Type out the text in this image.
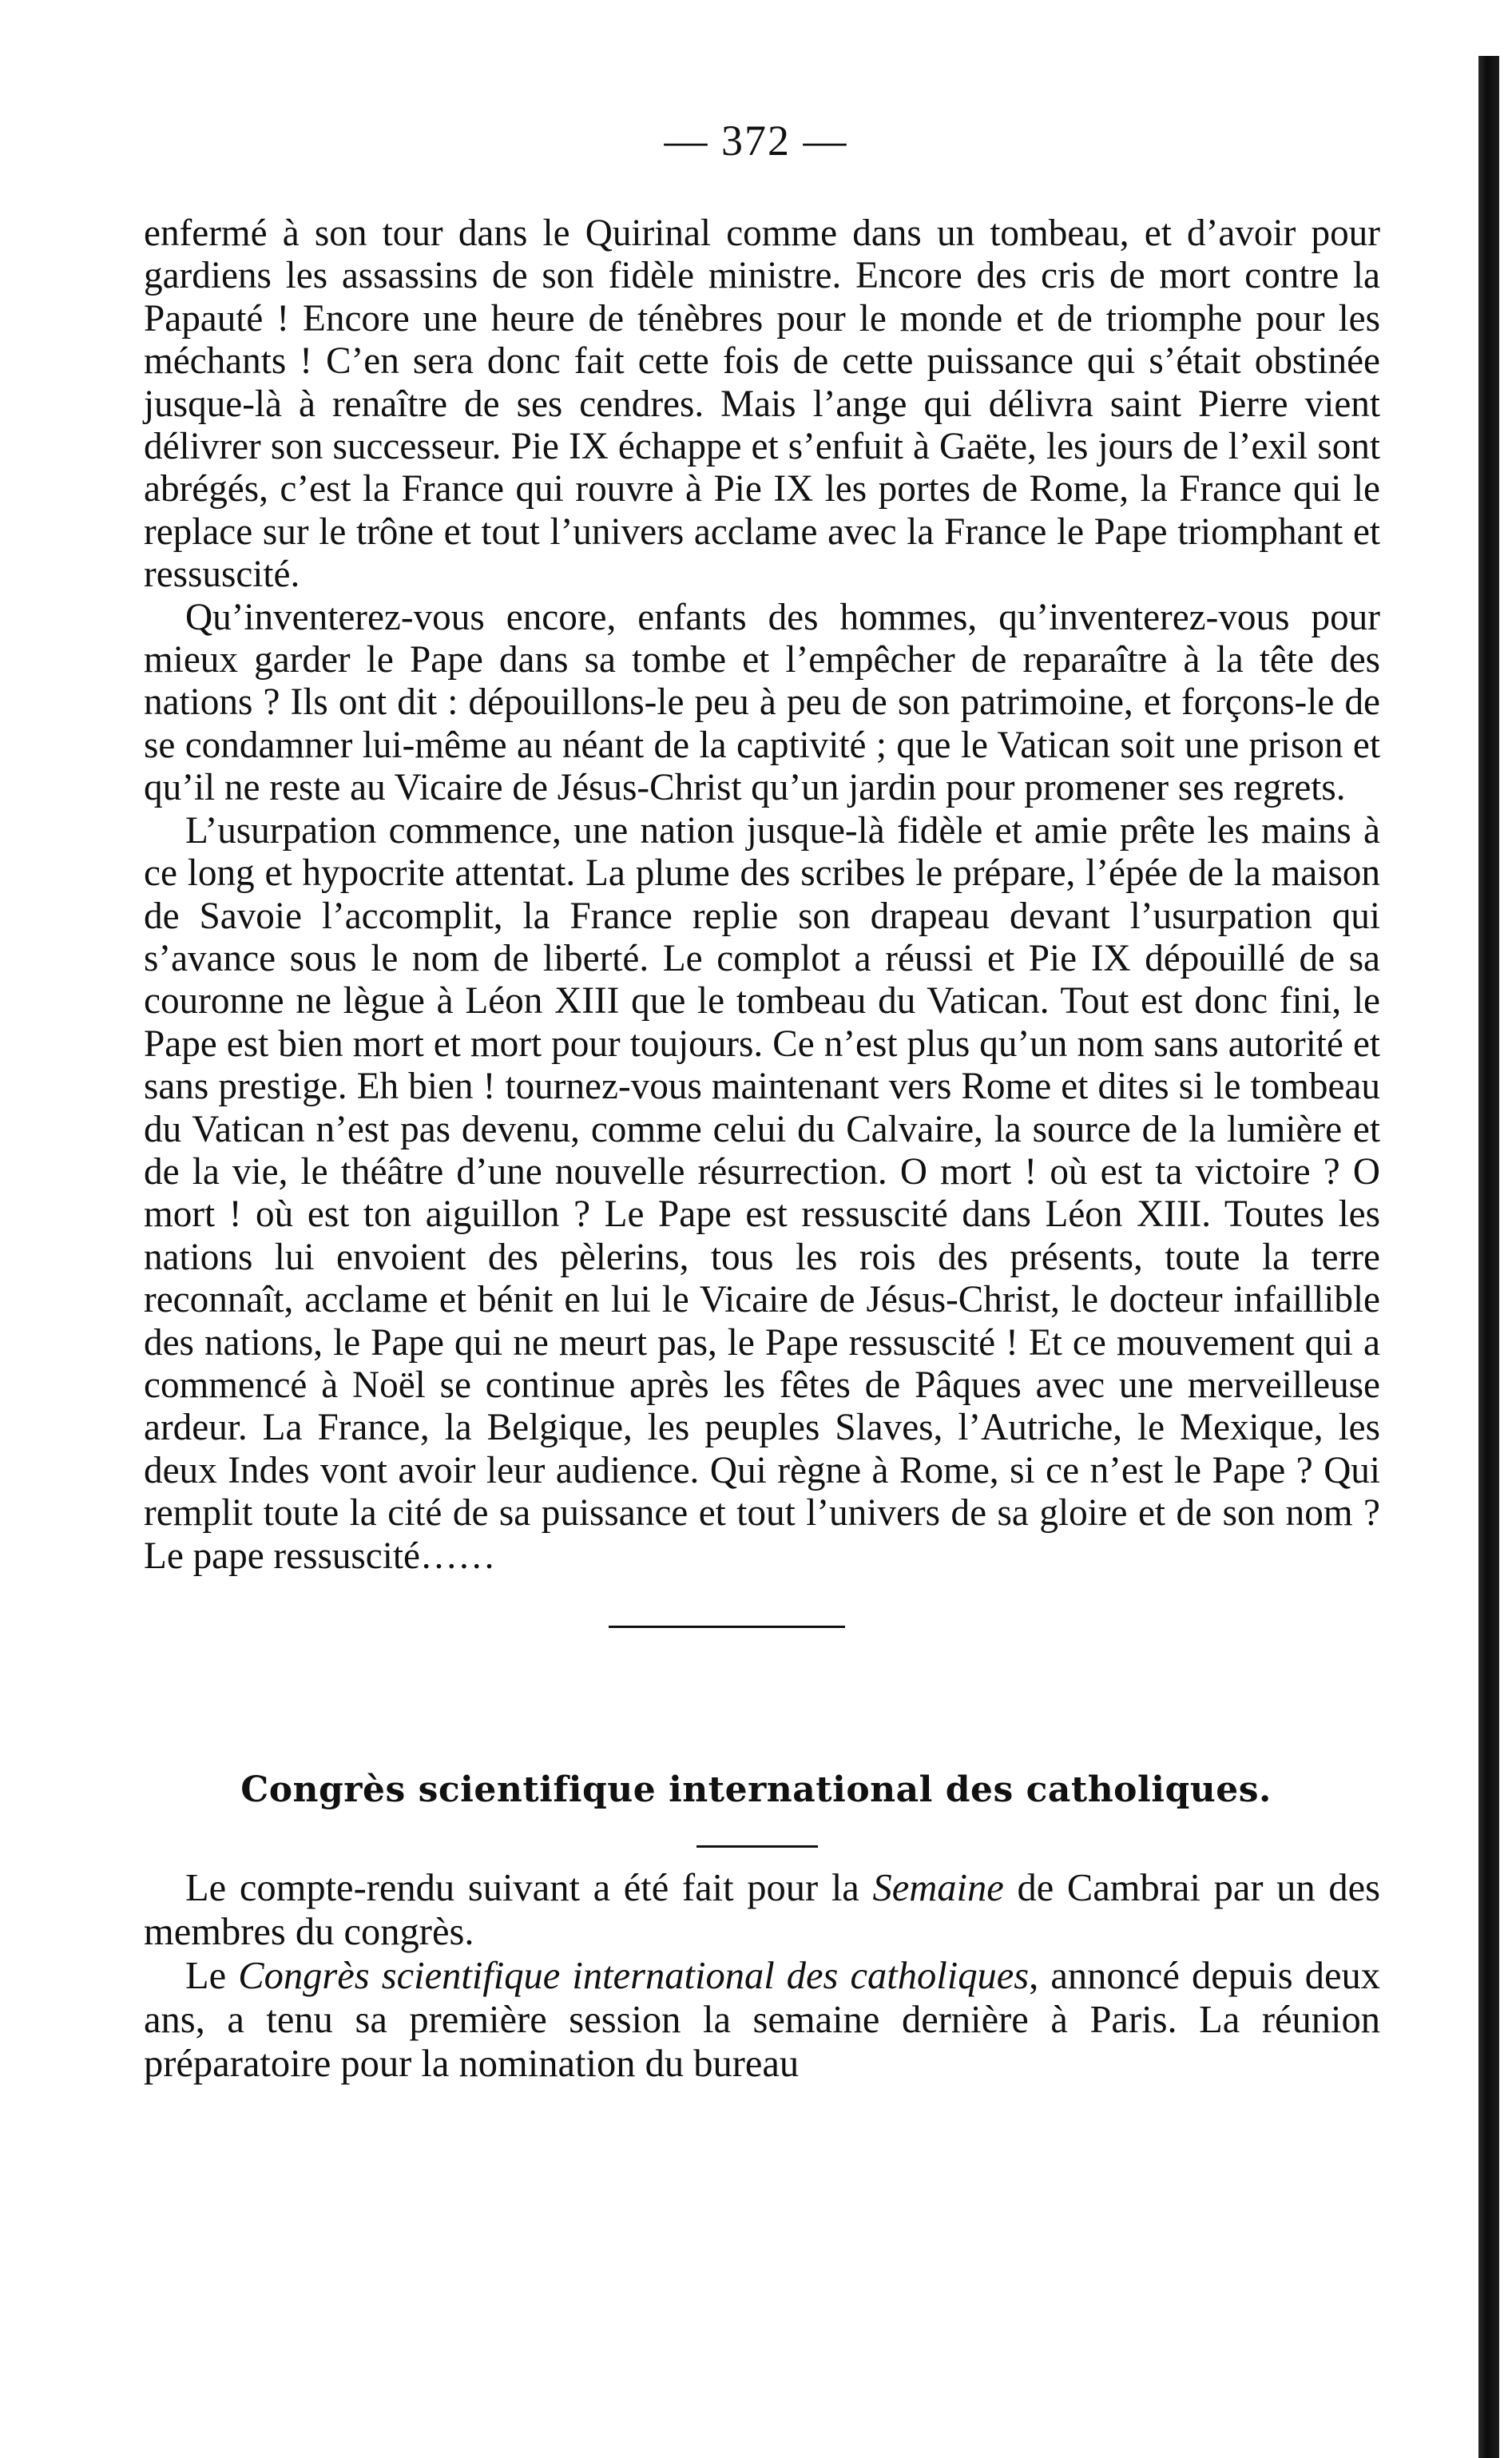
— 372 —

enfermé à son tour dans le Quirinal comme dans un tombeau, et d’avoir pour gardiens les assassins de son fidèle ministre. Encore des cris de mort contre la Papauté ! Encore une heure de ténèbres pour le monde et de triomphe pour les méchants ! C’en sera donc fait cette fois de cette puissance qui s’était obstinée jusque-là à renaître de ses cendres. Mais l’ange qui délivra saint Pierre vient délivrer son successeur. Pie IX échappe et s’enfuit à Gaëte, les jours de l’exil sont abrégés, c’est la France qui rouvre à Pie IX les portes de Rome, la France qui le replace sur le trône et tout l’univers acclame avec la France le Pape triomphant et ressuscité.

Qu’inventerez-vous encore, enfants des hommes, qu’inventerez-vous pour mieux garder le Pape dans sa tombe et l’empêcher de reparaître à la tête des nations ? Ils ont dit : dépouillons-le peu à peu de son patrimoine, et forçons-le de se condamner lui-même au néant de la captivité ; que le Vatican soit une prison et qu’il ne reste au Vicaire de Jésus-Christ qu’un jardin pour promener ses regrets.

L’usurpation commence, une nation jusque-là fidèle et amie prête les mains à ce long et hypocrite attentat. La plume des scribes le prépare, l’épée de la maison de Savoie l’accomplit, la France replie son drapeau devant l’usurpation qui s’avance sous le nom de liberté. Le complot a réussi et Pie IX dépouillé de sa couronne ne lègue à Léon XIII que le tombeau du Vatican. Tout est donc fini, le Pape est bien mort et mort pour toujours. Ce n’est plus qu’un nom sans autorité et sans prestige. Eh bien ! tournez-vous maintenant vers Rome et dites si le tombeau du Vatican n’est pas devenu, comme celui du Calvaire, la source de la lumière et de la vie, le théâtre d’une nouvelle résurrection. O mort ! où est ta victoire ? O mort ! où est ton aiguillon ? Le Pape est ressuscité dans Léon XIII. Toutes les nations lui envoient des pèlerins, tous les rois des présents, toute la terre reconnaît, acclame et bénit en lui le Vicaire de Jésus-Christ, le docteur infaillible des nations, le Pape qui ne meurt pas, le Pape ressuscité ! Et ce mouvement qui a commencé à Noël se continue après les fêtes de Pâques avec une merveilleuse ardeur. La France, la Belgique, les peuples Slaves, l’Autriche, le Mexique, les deux Indes vont avoir leur audience. Qui règne à Rome, si ce n’est le Pape ? Qui remplit toute la cité de sa puissance et tout l’univers de sa gloire et de son nom ? Le pape ressuscité……

Congrès scientifique international des catholiques.

Le compte-rendu suivant a été fait pour la Semaine de Cambrai par un des membres du congrès.

Le Congrès scientifique international des catholiques, annoncé depuis deux ans, a tenu sa première session la semaine dernière à Paris. La réunion préparatoire pour la nomination du bureau
